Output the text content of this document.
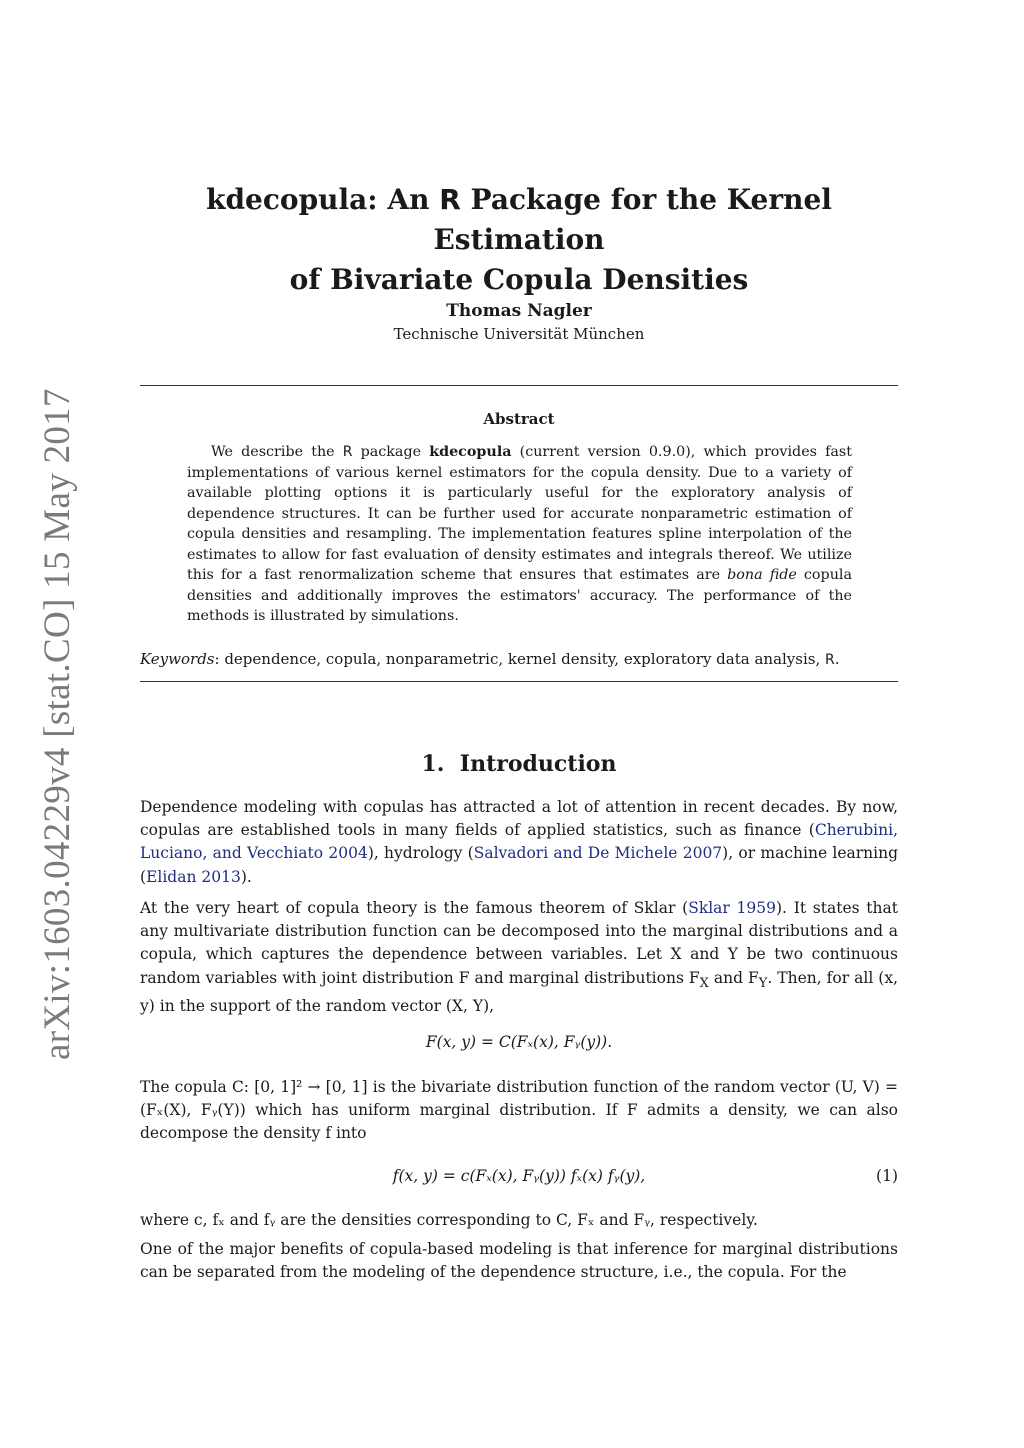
arXiv:1603.04229v4 [stat.CO] 15 May 2017
kdecopula: An R Package for the Kernel Estimation
of Bivariate Copula Densities
Thomas Nagler
Technische Universität München
Abstract
We describe the R package kdecopula (current version 0.9.0), which provides fast implementations of various kernel estimators for the copula density. Due to a variety of available plotting options it is particularly useful for the exploratory analysis of dependence structures. It can be further used for accurate nonparametric estimation of copula densities and resampling. The implementation features spline interpolation of the estimates to allow for fast evaluation of density estimates and integrals thereof. We utilize this for a fast renormalization scheme that ensures that estimates are bona fide copula densities and additionally improves the estimators' accuracy. The performance of the methods is illustrated by simulations.
Keywords: dependence, copula, nonparametric, kernel density, exploratory data analysis, R.
1. Introduction
Dependence modeling with copulas has attracted a lot of attention in recent decades. By now, copulas are established tools in many fields of applied statistics, such as finance (Cherubini, Luciano, and Vecchiato 2004), hydrology (Salvadori and De Michele 2007), or machine learning (Elidan 2013).
At the very heart of copula theory is the famous theorem of Sklar (Sklar 1959). It states that any multivariate distribution function can be decomposed into the marginal distributions and a copula, which captures the dependence between variables. Let X and Y be two continuous random variables with joint distribution F and marginal distributions $F_X$ and $F_Y$. Then, for all (x, y) in the support of the random vector (X, Y),
F(x, y) = C(Fₓ(x), Fᵧ(y)).
The copula C: [0, 1]² → [0, 1] is the bivariate distribution function of the random vector (U, V) = (Fₓ(X), Fᵧ(Y)) which has uniform marginal distribution. If F admits a density, we can also decompose the density f into
f(x, y) = c(Fₓ(x), Fᵧ(y)) fₓ(x) fᵧ(y),	(1)
where c, fₓ and fᵧ are the densities corresponding to C, Fₓ and Fᵧ, respectively.
One of the major benefits of copula-based modeling is that inference for marginal distributions can be separated from the modeling of the dependence structure, i.e., the copula. For the
